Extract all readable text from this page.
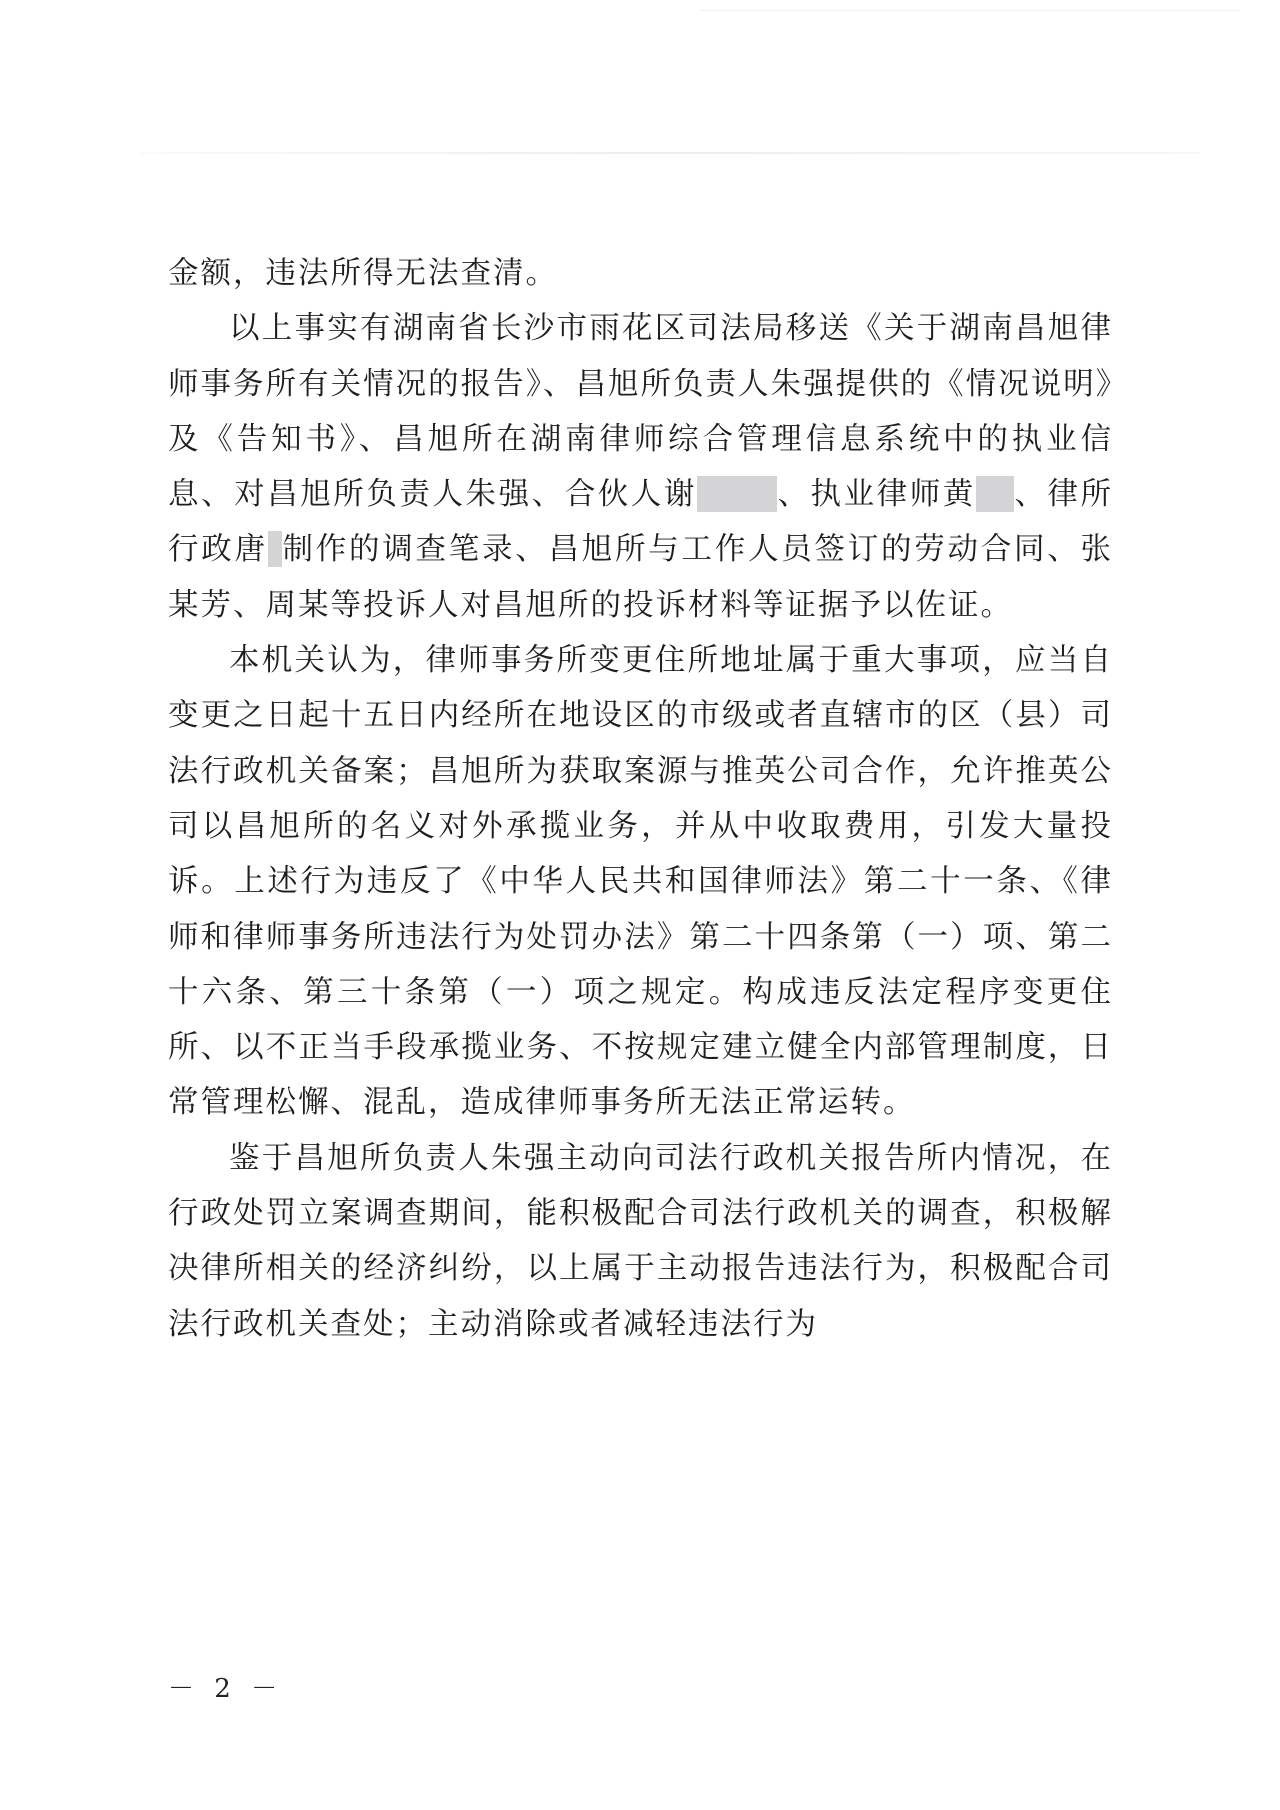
金额，违法所得无法查清。

以上事实有湖南省长沙市雨花区司法局移送《关于湖南昌旭律师事务所有关情况的报告》、昌旭所负责人朱强提供的《情况说明》及《告知书》、昌旭所在湖南律师综合管理信息系统中的执业信息、对昌旭所负责人朱强、合伙人谢	、执业律师黄 、律所行政唐 制作的调查笔录、昌旭所与工作人员签订的劳动合同、张某芳、周某等投诉人对昌旭所的投诉材料等证据予以佐证。

本机关认为，律师事务所变更住所地址属于重大事项，应当自变更之日起十五日内经所在地设区的市级或者直辖市的区（县）司法行政机关备案；昌旭所为获取案源与推英公司合作，允许推英公司以昌旭所的名义对外承揽业务，并从中收取费用，引发大量投诉。上述行为违反了《中华人民共和国律师法》第二十一条、《律师和律师事务所违法行为处罚办法》第二十四条第（一）项、第二十六条、第三十条第（一）项之规定。构成违反法定程序变更住所、以不正当手段承揽业务、不按规定建立健全内部管理制度，日常管理松懈、混乱，造成律师事务所无法正常运转。

鉴于昌旭所负责人朱强主动向司法行政机关报告所内情况，在行政处罚立案调查期间，能积极配合司法行政机关的调查，积极解决律所相关的经济纠纷，以上属于主动报告违法行为，积极配合司法行政机关查处；主动消除或者减轻违法行为

－ 2 －
